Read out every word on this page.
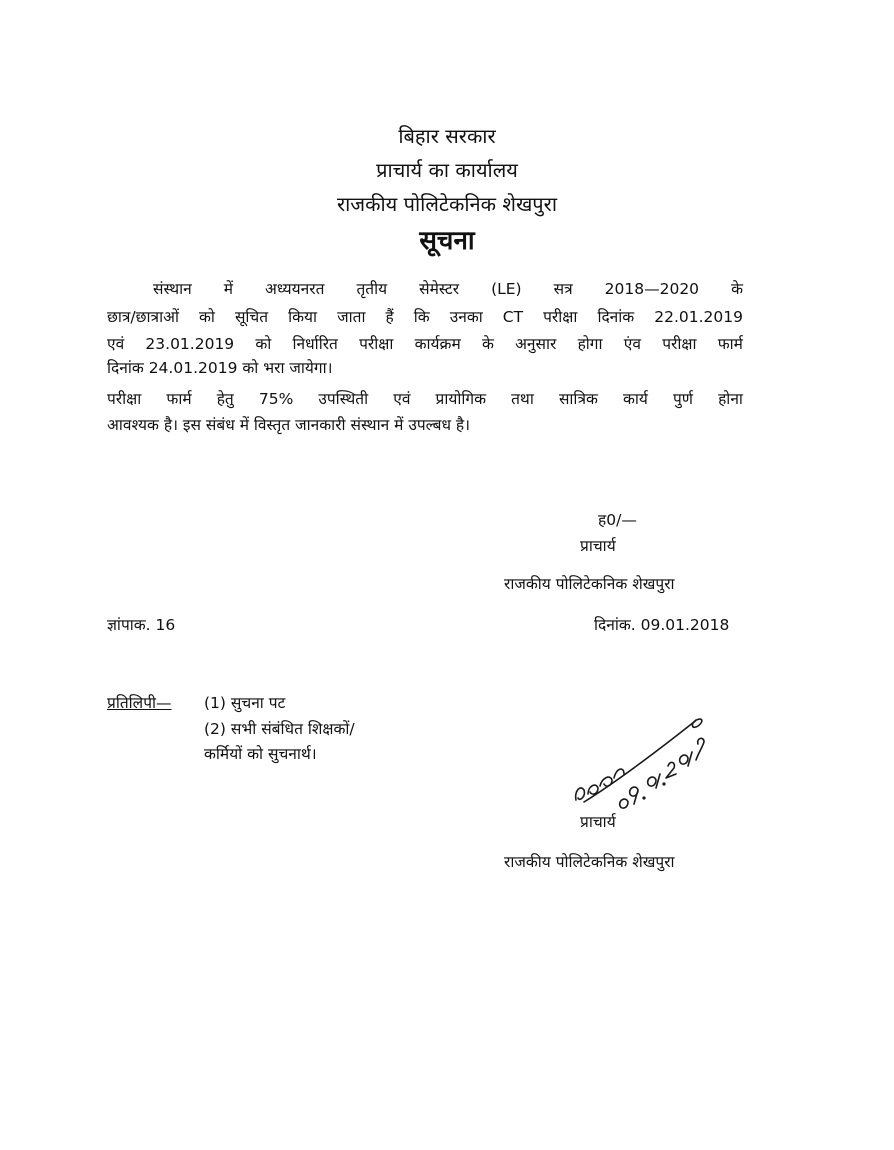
बिहार सरकार
प्राचार्य का कार्यालय
राजकीय पोलिटेकनिक शेखपुरा
सूचना
संस्थान में अध्ययनरत तृतीय सेमेस्टर (LE) सत्र 2018—2020 के
छात्र/छात्राओं को सूचित किया जाता हैं कि उनका CT परीक्षा दिनांक 22.01.2019
एवं 23.01.2019 को निर्धारित परीक्षा कार्यक्रम के अनुसार होगा एंव परीक्षा फार्म
दिनांक 24.01.2019 को भरा जायेगा।
परीक्षा फार्म हेतु 75% उपस्थिती एवं प्रायोगिक तथा सात्रिक कार्य पुर्ण होना
आवश्यक है। इस संबंध में विस्तृत जानकारी संस्थान में उपल्बध है।
ह0/—
प्राचार्य
राजकीय पोलिटेकनिक शेखपुरा
ज्ञांपाक. 16	दिनांक. 09.01.2018
प्रतिलिपी— (1) सुचना पट
(2) सभी संबंधित शिक्षकों/
कर्मियों को सुचनार्थ।
प्राचार्य
राजकीय पोलिटेकनिक शेखपुरा
